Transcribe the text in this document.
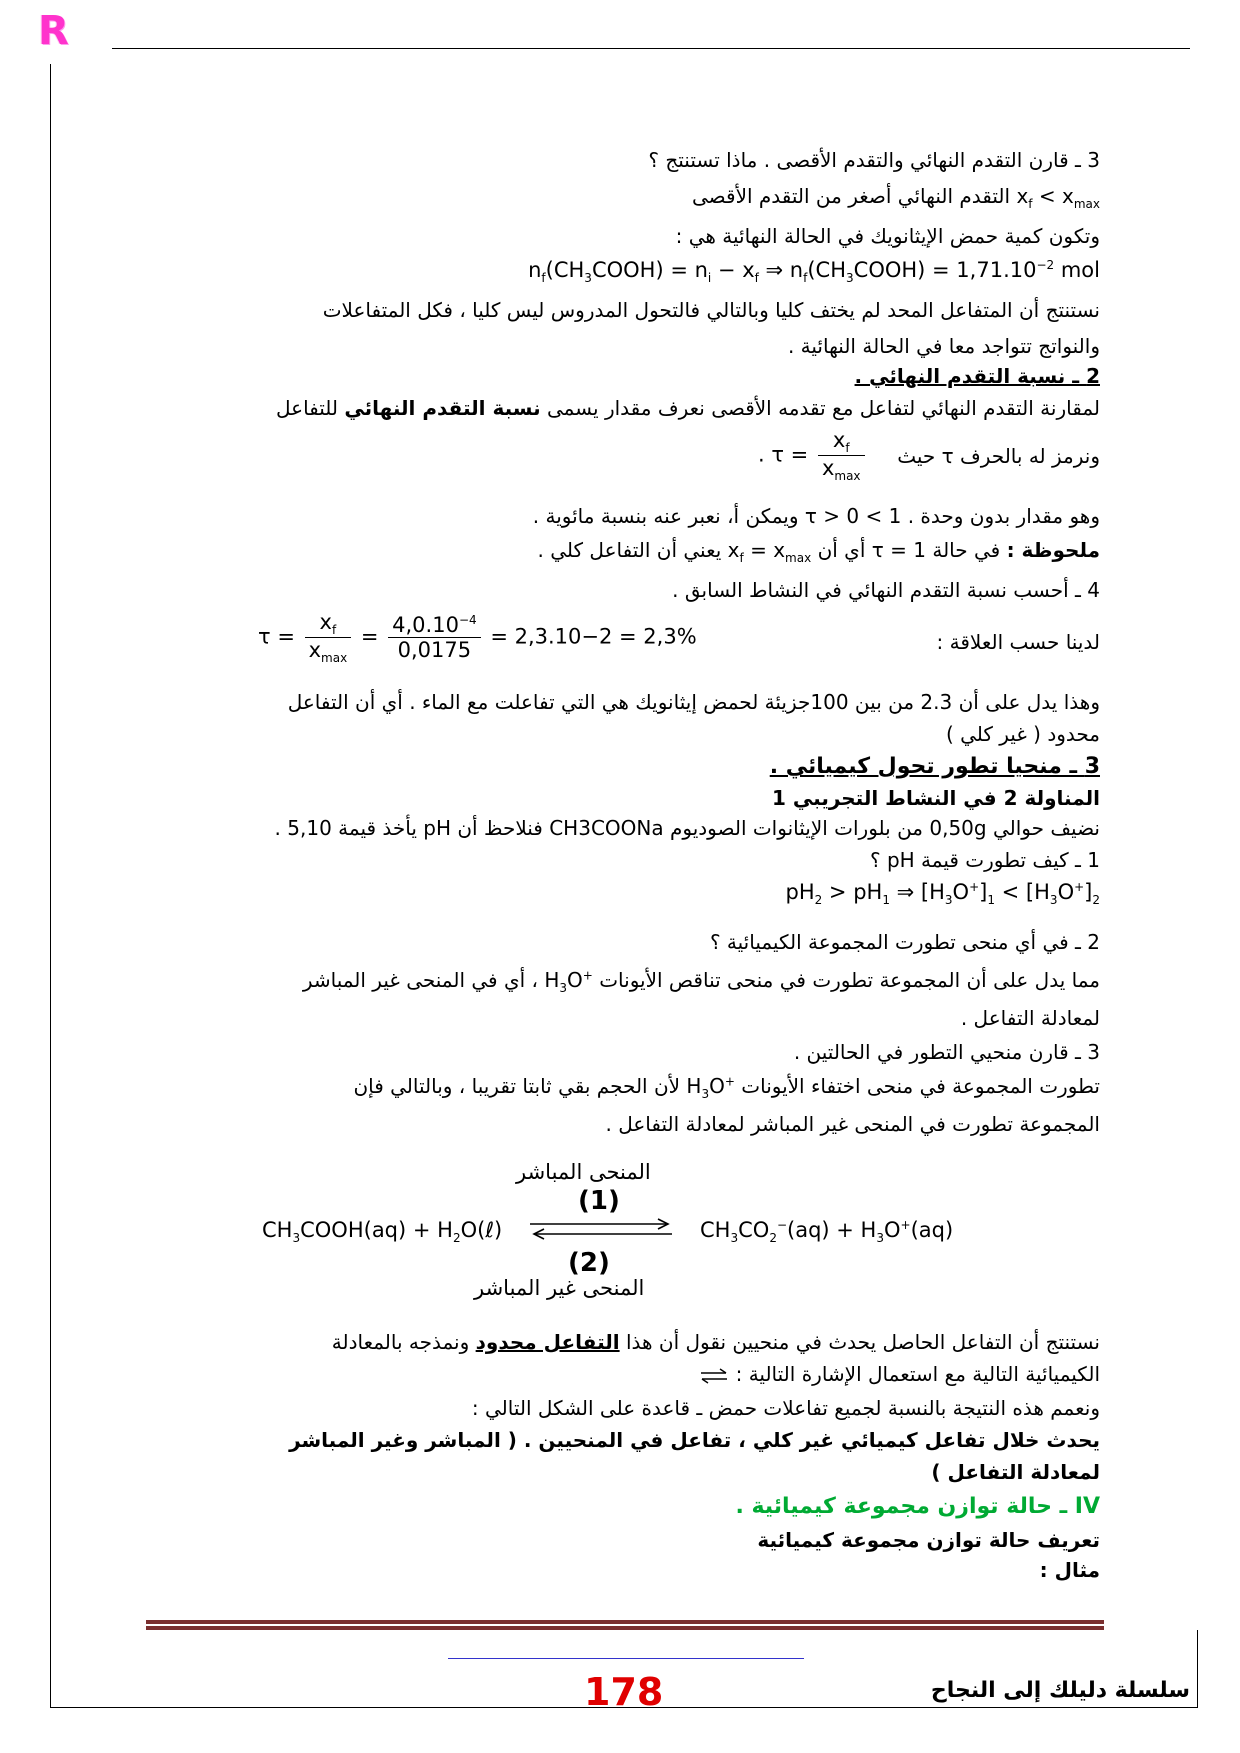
R
3 ـ قارن التقدم النهائي والتقدم الأقصى . ماذا تستنتج ؟
$x_f < x_{max}$ التقدم النهائي أصغر من التقدم الأقصى
وتكون كمية حمض الإيثانويك في الحالة النهائية هي :
$n_f(CH_3COOH) = n_i - x_f$ ⇒ $n_f(CH_3COOH) = 1,71.10^{-2}$ mol
نستنتج أن المتفاعل المحد لم يختف كليا وبالتالي فالتحول المدروس ليس كليا ، فكل المتفاعلات
والنواتج تتواجد معا في الحالة النهائية .
2 ـ نسبة التقدم النهائي .
لمقارنة التقدم النهائي لتفاعل مع تقدمه الأقصى نعرف مقدار يسمى نسبة التقدم النهائي للتفاعل
ونرمز له بالحرف τ حيث
. $\tau = \frac{x_f}{x_{max}}$
وهو مقدار بدون وحدة . 1 > τ > 0 ويمكن أ، نعبر عنه بنسبة مائوية .
ملحوظة : في حالة τ = 1 أي أن $x_f = x_{max}$ يعني أن التفاعل كلي .
4 ـ أحسب نسبة التقدم النهائي في النشاط السابق .
لدينا حسب العلاقة :
$\tau = \frac{x_f}{x_{max}} = \frac{4,0.10^{-4}}{0,0175} = 2,3.10-2 = 2,3\%$
وهذا يدل على أن 2.3 من بين 100جزيئة لحمض إيثانويك هي التي تفاعلت مع الماء . أي أن التفاعل
محدود ( غير كلي )
3 ـ منحيا تطور تحول كيميائي .
المناولة 2 في النشاط التجريبي 1
نضيف حوالي 0,50g من بلورات الإيثانوات الصوديوم CH3COONa فنلاحظ أن pH يأخذ قيمة 5,10 .
1 ـ كيف تطورت قيمة pH ؟
$pH_2 > pH_1$ ⇒ $[H_3O^+]_1 < [H_3O^+]_2$
2 ـ في أي منحى تطورت المجموعة الكيميائية ؟
مما يدل على أن المجموعة تطورت في منحى تناقص الأيونات $H_3O^+$ ، أي في المنحى غير المباشر
لمعادلة التفاعل .
3 ـ قارن منحيي التطور في الحالتين .
تطورت المجموعة في منحى اختفاء الأيونات $H_3O^+$ لأن الحجم بقي ثابتا تقريبا ، وبالتالي فإن
المجموعة تطورت في المنحى غير المباشر لمعادلة التفاعل .
المنحى المباشر
(1)
$CH_3COOH(aq)$ + $H_2O(\ell)$	$CH_3CO_2^-(aq) + H_3O^+(aq)$
(2)
المنحى غير المباشر
نستنتج أن التفاعل الحاصل يحدث في منحيين نقول أن هذا التفاعل محدود ونمذجه بالمعادلة
الكيميائية التالية مع استعمال الإشارة التالية :
ونعمم هذه النتيجة بالنسبة لجميع تفاعلات حمض ـ قاعدة على الشكل التالي :
يحدث خلال تفاعل كيميائي غير كلي ، تفاعل في المنحيين . ( المباشر وغير المباشر
لمعادلة التفاعل )
IV ـ حالة توازن مجموعة كيميائية .
تعريف حالة توازن مجموعة كيميائية
مثال :
178	سلسلة دليلك إلى النجاح
